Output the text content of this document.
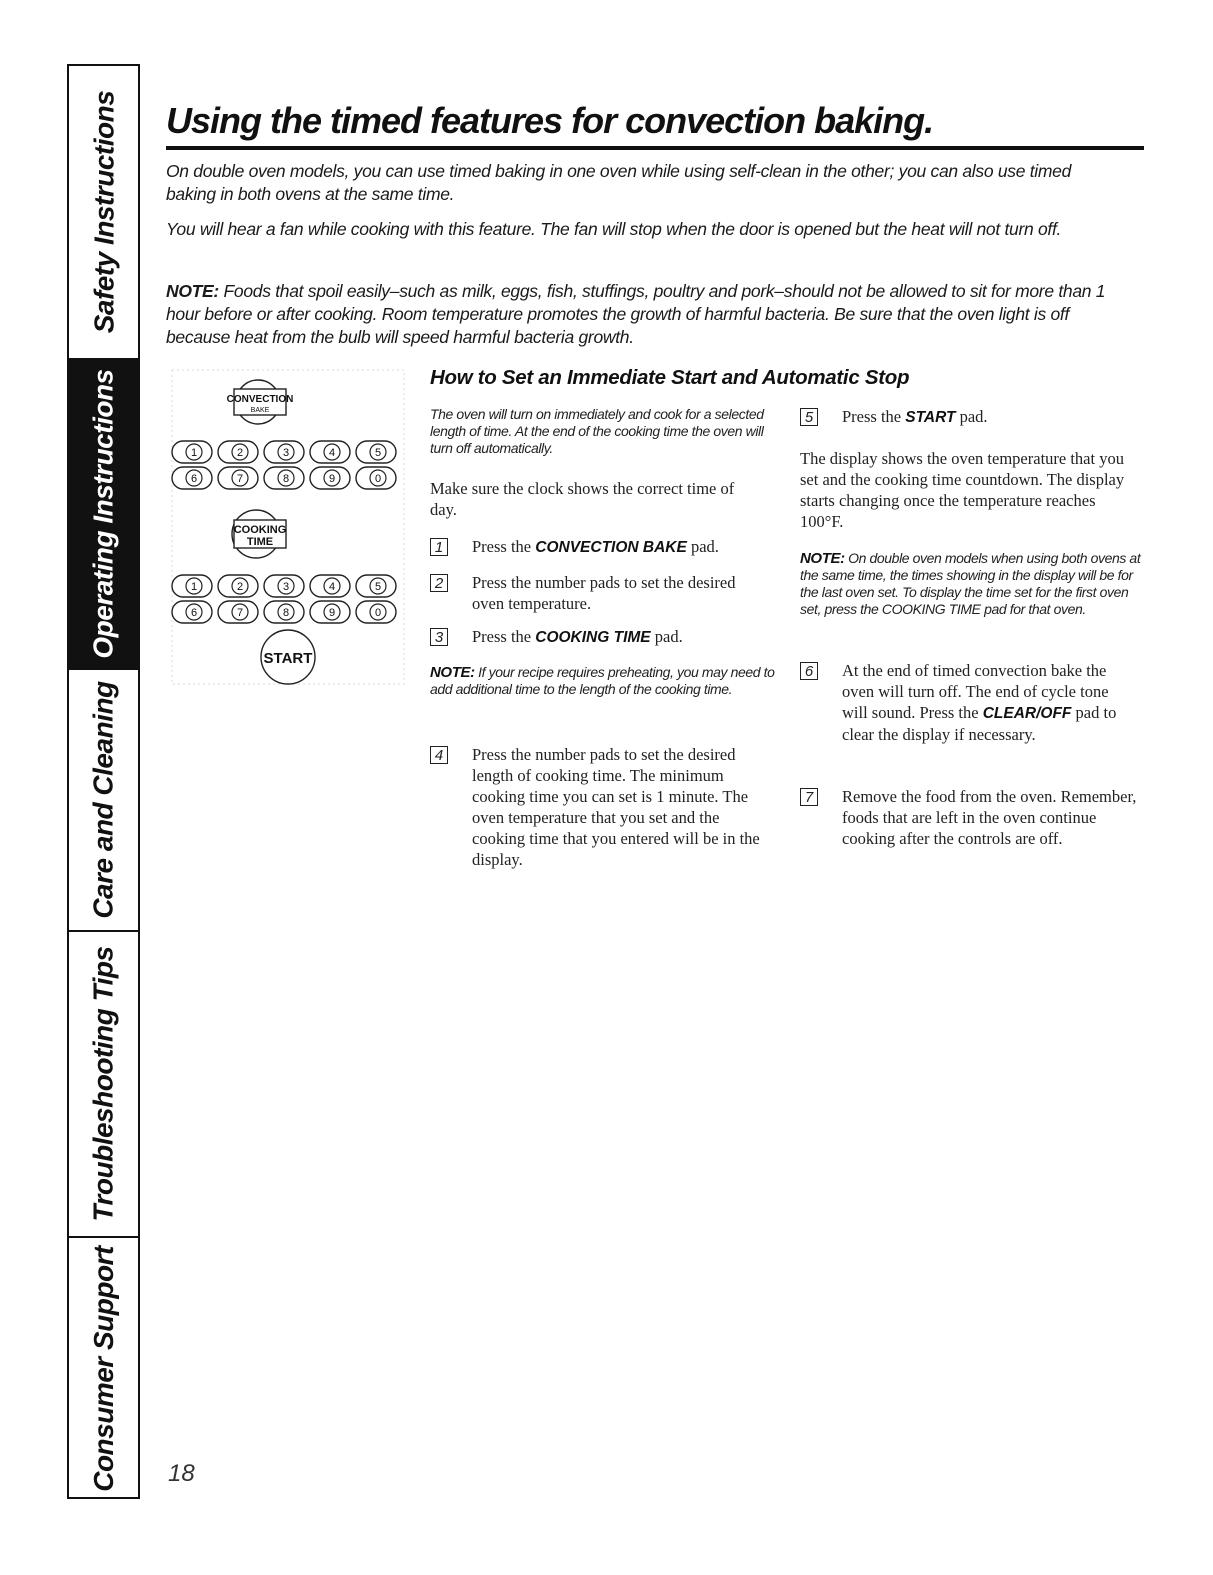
Safety Instructions
Operating Instructions
Care and Cleaning
Troubleshooting Tips
Consumer Support
Using the timed features for convection baking.

On double oven models, you can use timed baking in one oven while using self-clean in the other; you can also use timed baking in both ovens at the same time.

You will hear a fan while cooking with this feature. The fan will stop when the door is opened but the heat will not turn off.

NOTE: Foods that spoil easily–such as milk, eggs, fish, stuffings, poultry and pork–should not be allowed to sit for more than 1 hour before or after cooking. Room temperature promotes the growth of harmful bacteria. Be sure that the oven light is off because heat from the bulb will speed harmful bacteria growth.

CONVECTION
BAKE
1	2	3	4	5
6	7	8	9	0
COOKING
TIME
1	2	3	4	5
6	7	8	9	0
START
How to Set an Immediate Start and Automatic Stop

The oven will turn on immediately and cook for a selected length of time. At the end of the cooking time the oven will turn off automatically.

Make sure the clock shows the correct time of day.

1 Press the CONVECTION BAKE pad.
2 Press the number pads to set the desired oven temperature.
3 Press the COOKING TIME pad.

NOTE: If your recipe requires preheating, you may need to add additional time to the length of the cooking time.

4 Press the number pads to set the desired length of cooking time. The minimum cooking time you can set is 1 minute. The oven temperature that you set and the cooking time that you entered will be in the display.
5 Press the START pad.

The display shows the oven temperature that you set and the cooking time countdown. The display starts changing once the temperature reaches 100°F.

NOTE: On double oven models when using both ovens at the same time, the times showing in the display will be for the last oven set. To display the time set for the first oven set, press the COOKING TIME pad for that oven.

6 At the end of timed convection bake the oven will turn off. The end of cycle tone will sound. Press the CLEAR/OFF pad to clear the display if necessary.
7 Remove the food from the oven. Remember, foods that are left in the oven continue cooking after the controls are off.
18
